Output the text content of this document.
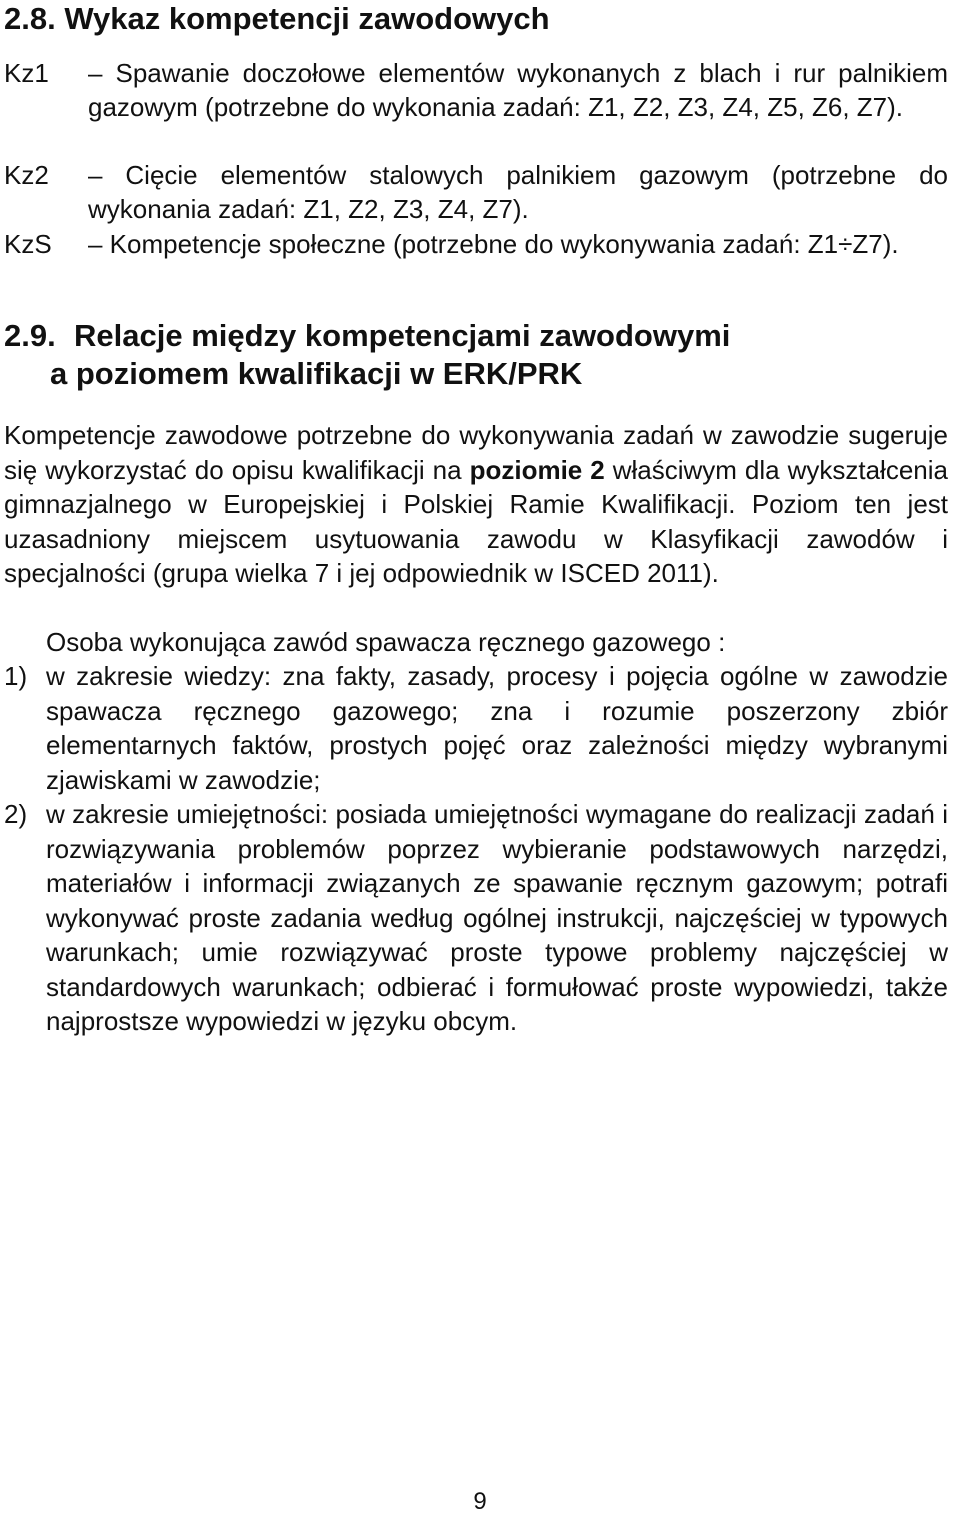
2.8. Wykaz kompetencji zawodowych
Kz1 – Spawanie doczołowe elementów wykonanych z blach i rur palnikiem gazowym (potrzebne do wykonania zadań: Z1, Z2, Z3, Z4, Z5, Z6, Z7).
Kz2 – Cięcie elementów stalowych palnikiem gazowym (potrzebne do wykonania zadań: Z1, Z2, Z3, Z4, Z7).
KzS – Kompetencje społeczne (potrzebne do wykonywania zadań: Z1÷Z7).
2.9. Relacje między kompetencjami zawodowymi
a poziomem kwalifikacji w ERK/PRK

Kompetencje zawodowe potrzebne do wykonywania zadań w zawodzie sugeruje się wykorzystać do opisu kwalifikacji na poziomie 2 właściwym dla wykształcenia gimnazjalnego w Europejskiej i Polskiej Ramie Kwalifikacji. Poziom ten jest uzasadniony miejscem usytuowania zawodu w Klasyfikacji zawodów i specjalności (grupa wielka 7 i jej odpowiednik w ISCED 2011).

Osoba wykonująca zawód spawacza ręcznego gazowego :

1) w zakresie wiedzy: zna fakty, zasady, procesy i pojęcia ogólne w zawodzie spawacza ręcznego gazowego; zna i rozumie poszerzony zbiór elementarnych faktów, prostych pojęć oraz zależności między wybranymi zjawiskami w zawodzie;
2) w zakresie umiejętności: posiada umiejętności wymagane do realizacji zadań i rozwiązywania problemów poprzez wybieranie podstawowych narzędzi, materiałów i informacji związanych ze spawanie ręcznym gazowym; potrafi wykonywać proste zadania według ogólnej instrukcji, najczęściej w typowych warunkach; umie rozwiązywać proste typowe problemy najczęściej w standardowych warunkach; odbierać i formułować proste wypowiedzi, także najprostsze wypowiedzi w języku obcym.
9
